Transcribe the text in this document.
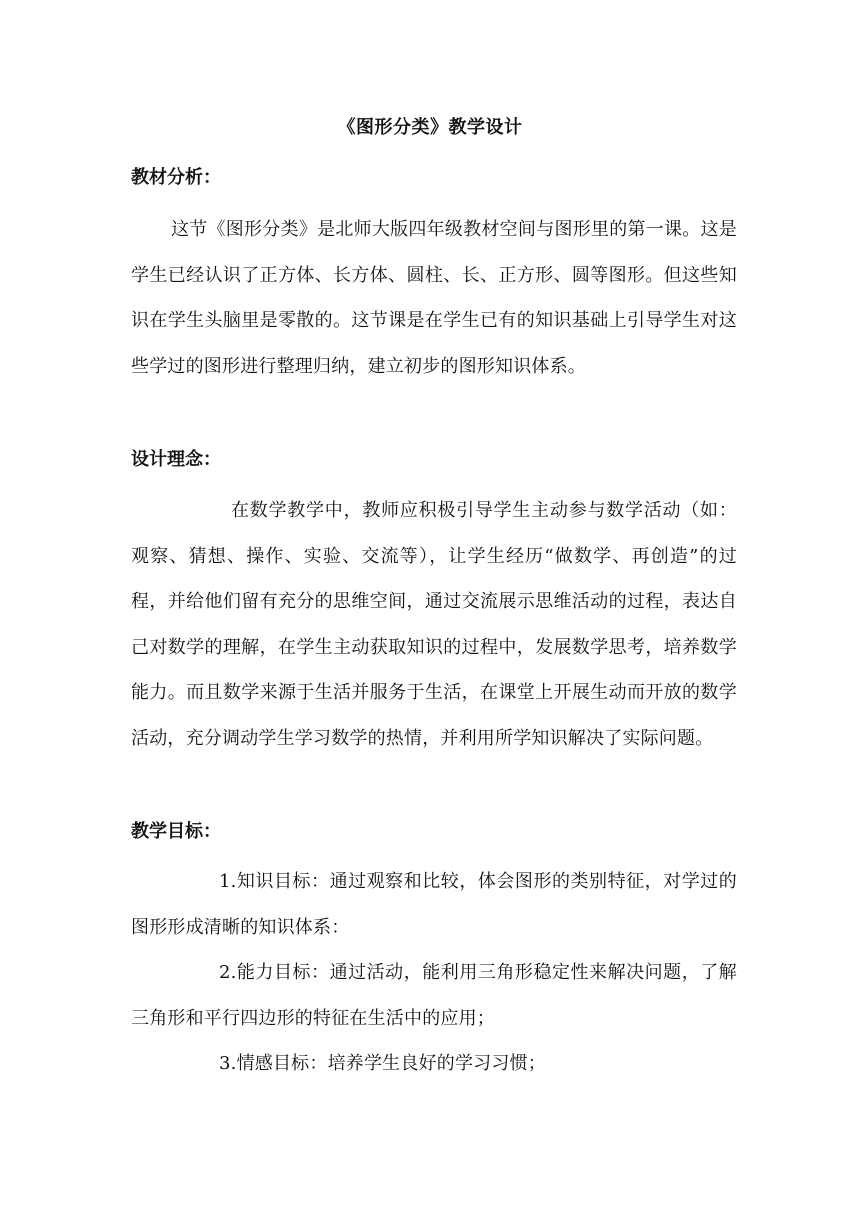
《图形分类》教学设计
教材分析：
这节《图形分类》是北师大版四年级教材空间与图形里的第一课。这是学生已经认识了正方体、长方体、圆柱、长、正方形、圆等图形。但这些知识在学生头脑里是零散的。这节课是在学生已有的知识基础上引导学生对这些学过的图形进行整理归纳，建立初步的图形知识体系。
设计理念：
在数学教学中，教师应积极引导学生主动参与数学活动（如：观察、猜想、操作、实验、交流等），让学生经历“做数学、再创造”的过程，并给他们留有充分的思维空间，通过交流展示思维活动的过程，表达自己对数学的理解，在学生主动获取知识的过程中，发展数学思考，培养数学能力。而且数学来源于生活并服务于生活，在课堂上开展生动而开放的数学活动，充分调动学生学习数学的热情，并利用所学知识解决了实际问题。
教学目标：
1.知识目标：通过观察和比较，体会图形的类别特征，对学过的图形形成清晰的知识体系：
2.能力目标：通过活动，能利用三角形稳定性来解决问题，了解三角形和平行四边形的特征在生活中的应用；
3.情感目标：培养学生良好的学习习惯；
